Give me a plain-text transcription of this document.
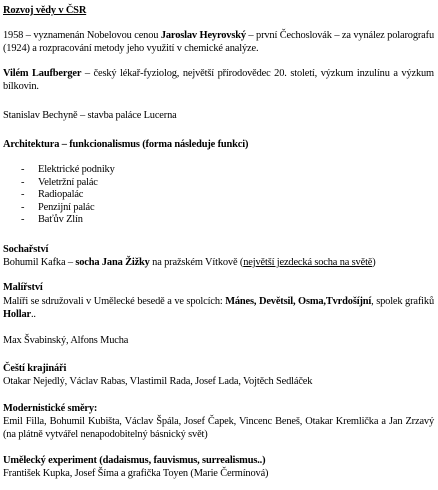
Rozvoj vědy v ČSR
1958 – vyznamenán Nobelovou cenou Jaroslav Heyrovský – první Čechoslovák – za vynález polarografu (1924) a rozpracování metody jeho využití v chemické analýze.
Vilém Laufberger – český lékař-fyziolog, největší přírodovědec 20. století, výzkum inzulínu a výzkum bílkovin.
Stanislav Bechyně – stavba paláce Lucerna
Architektura – funkcionalismus (forma následuje funkci)
- Elektrické podniky
- Veletržní palác
- Radiopalác
- Penzijní palác
- Baťův Zlín
Sochařství
Bohumil Kafka – socha Jana Žižky na pražském Vítkově (největší jezdecká socha na světě)
Malířství
Malíři se sdružovali v Umělecké besedě a ve spolcích: Mánes, Devětsil, Osma,Tvrdošíjní, spolek grafiků Hollar..
Max Švabinský, Alfons Mucha
Čeští krajináři
Otakar Nejedlý, Václav Rabas, Vlastimil Rada, Josef Lada, Vojtěch Sedláček
Modernistické směry:
Emil Filla, Bohumil Kubišta, Václav Špála, Josef Čapek, Vincenc Beneš, Otakar Kremlička a Jan Zrzavý (na plátně vytvářel nenapodobitelný básnický svět)
Umělecký experiment (dadaismus, fauvismus, surrealismus..)
František Kupka, Josef Šíma a grafička Toyen (Marie Čermínová)
